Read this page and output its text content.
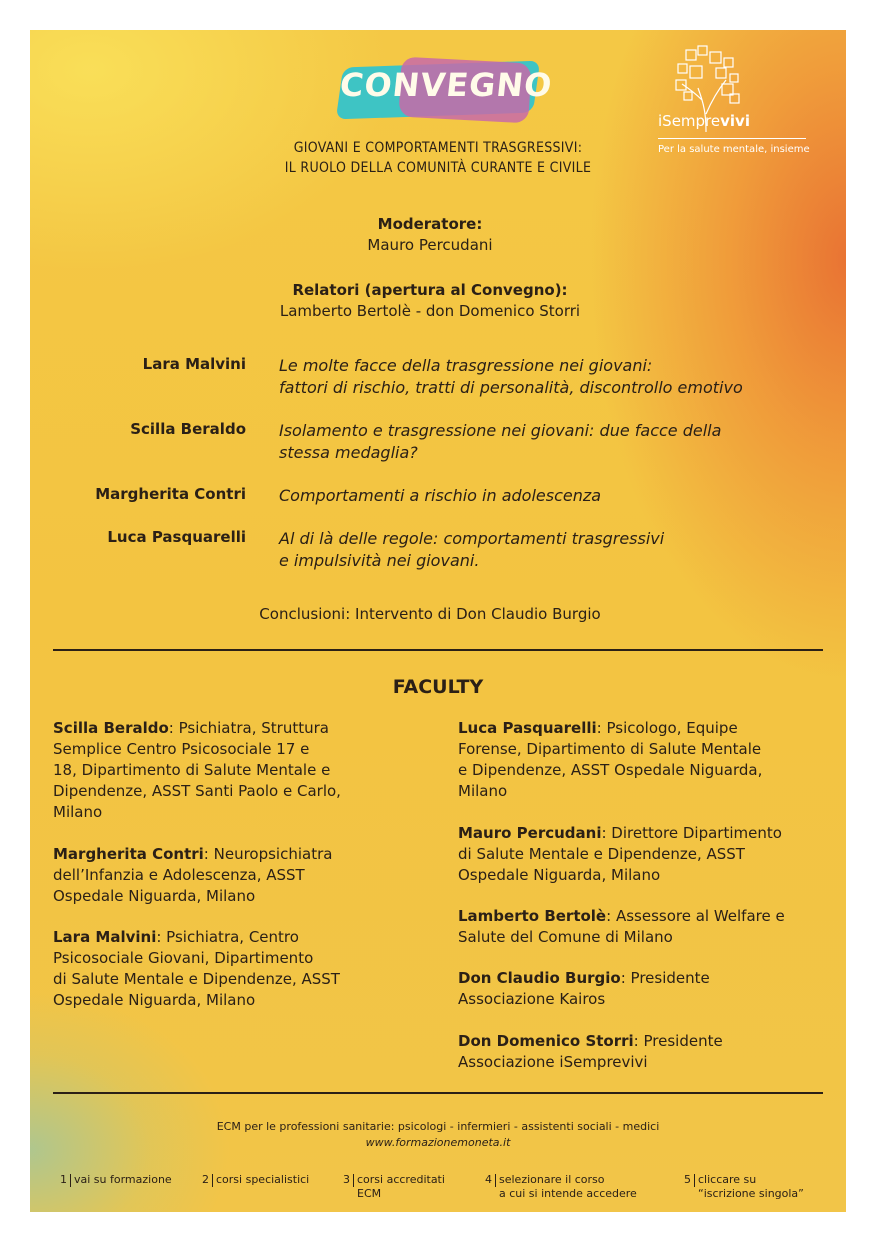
CONVEGNO
GIOVANI E COMPORTAMENTI TRASGRESSIVI:
IL RUOLO DELLA COMUNITÀ CURANTE E CIVILE
iSemprevivi
Per la salute mentale, insieme
Moderatore:
Mauro Percudani
Relatori (apertura al Convegno):
Lamberto Bertolè - don Domenico Storri
Lara Malvini Le molte facce della trasgressione nei giovani:
fattori di rischio, tratti di personalità, discontrollo emotivo
Scilla Beraldo Isolamento e trasgressione nei giovani: due facce della
stessa medaglia?
Margherita Contri Comportamenti a rischio in adolescenza
Luca Pasquarelli Al di là delle regole: comportamenti trasgressivi
e impulsività nei giovani.
Conclusioni: Intervento di Don Claudio Burgio
FACULTY
Scilla Beraldo: Psichiatra, Struttura
Semplice Centro Psicosociale 17 e
18, Dipartimento di Salute Mentale e
Dipendenze, ASST Santi Paolo e Carlo,
Milano
Margherita Contri: Neuropsichiatra
dell’Infanzia e Adolescenza, ASST
Ospedale Niguarda, Milano
Lara Malvini: Psichiatra, Centro
Psicosociale Giovani, Dipartimento
di Salute Mentale e Dipendenze, ASST
Ospedale Niguarda, Milano
Luca Pasquarelli: Psicologo, Equipe
Forense, Dipartimento di Salute Mentale
e Dipendenze, ASST Ospedale Niguarda,
Milano
Mauro Percudani: Direttore Dipartimento
di Salute Mentale e Dipendenze, ASST
Ospedale Niguarda, Milano
Lamberto Bertolè: Assessore al Welfare e
Salute del Comune di Milano
Don Claudio Burgio: Presidente
Associazione Kairos
Don Domenico Storri: Presidente
Associazione iSemprevivi
ECM per le professioni sanitarie: psicologi - infermieri - assistenti sociali - medici
www.formazionemoneta.it
1 vai su formazione	2 corsi specialistici	3 corsi accreditati
ECM
4 selezionare il corso
a cui si intende accedere
5 cliccare su
“iscrizione singola”
